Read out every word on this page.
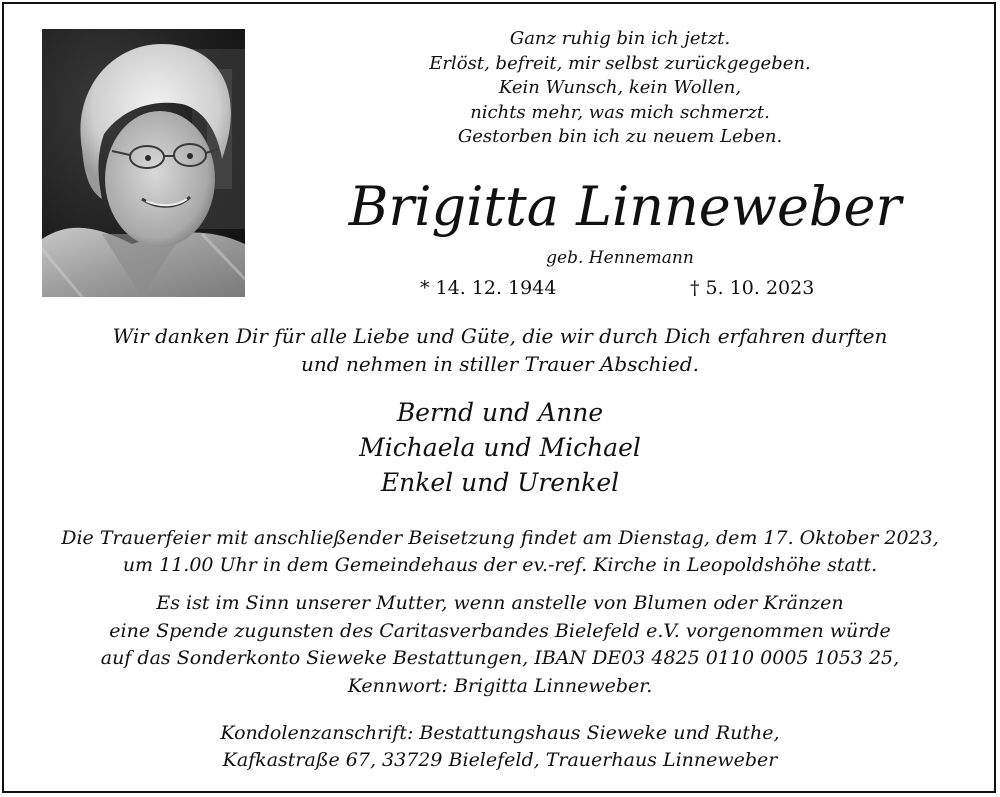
Ganz ruhig bin ich jetzt.
Erlöst, befreit, mir selbst zurückgegeben.
Kein Wunsch, kein Wollen,
nichts mehr, was mich schmerzt.
Gestorben bin ich zu neuem Leben.
Brigitta Linneweber
geb. Hennemann
* 14. 12. 1944	† 5. 10. 2023
Wir danken Dir für alle Liebe und Güte, die wir durch Dich erfahren durften
und nehmen in stiller Trauer Abschied.
Bernd und Anne
Michaela und Michael
Enkel und Urenkel
Die Trauerfeier mit anschließender Beisetzung findet am Dienstag, dem 17. Oktober 2023,
um 11.00 Uhr in dem Gemeindehaus der ev.-ref. Kirche in Leopoldshöhe statt.
Es ist im Sinn unserer Mutter, wenn anstelle von Blumen oder Kränzen
eine Spende zugunsten des Caritasverbandes Bielefeld e.V. vorgenommen würde
auf das Sonderkonto Sieweke Bestattungen, IBAN DE03 4825 0110 0005 1053 25,
Kennwort: Brigitta Linneweber.
Kondolenzanschrift: Bestattungshaus Sieweke und Ruthe,
Kafkastraße 67, 33729 Bielefeld, Trauerhaus Linneweber
